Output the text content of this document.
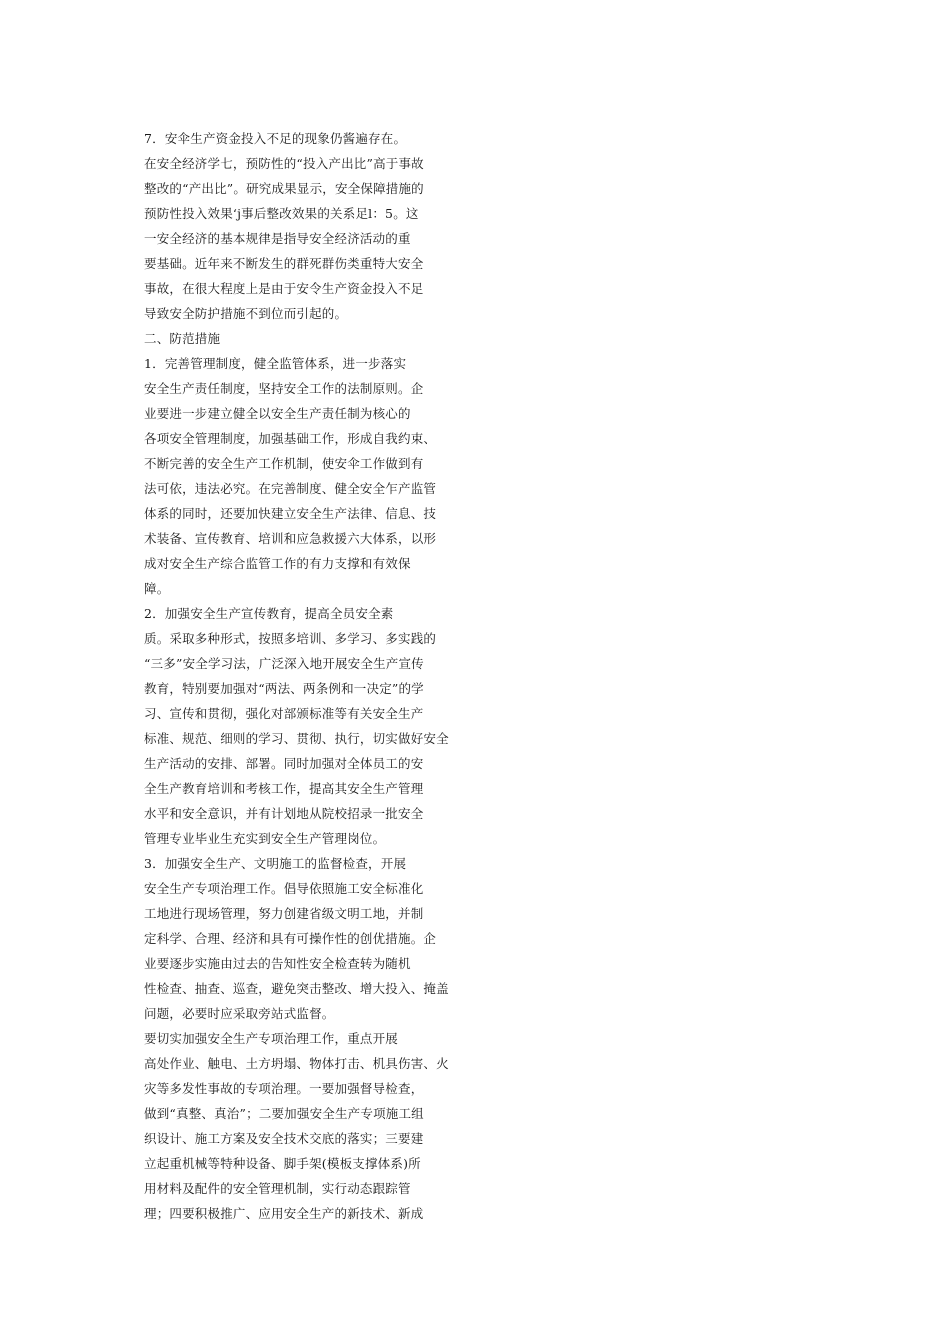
7．安伞生产资金投入不足的现象仍酱遍存在。
在安全经济学七，预防性的“投入产出比”高于事故
整改的“产出比”。研究成果显示，安全保障措施的
预防性投入效果‘j事后整改效果的关系足l：5。这
一安全经济的基本规律是指导安全经济活动的重
要基础。近年来不断发生的群死群伤类重特大安全
事故，在很大程度上是由于安令生产资金投入不足
导致安全防护措施不到位而引起的。
二、防范措施
1．完善管理制度，健全监管体系，进一步落实
安全生产责任制度，坚持安全工作的法制原则。企
业要进一步建立健全以安全生产责任制为核心的
各项安全管理制度，加强基础工作，形成自我约束、
不断完善的安全生产工作机制，使安伞工作做到有
法可依，违法必究。在完善制度、健全安全乍产监管
体系的同时，还要加快建立安全生产法律、信息、技
术装备、宣传教育、培训和应急救援六大体系，以形
成对安全生产综合监管工作的有力支撑和有效保
障。
2．加强安全生产宣传教育，提高全员安全素
质。采取多种形式，按照多培训、多学习、多实践的
“三多”安全学习法，广泛深入地开展安全生产宣传
教育，特别要加强对“两法、两条例和一决定”的学
习、宣传和贯彻，强化对部颁标准等有关安全生产
标准、规范、细则的学习、贯彻、执行，切实做好安全
生产活动的安排、部署。同时加强对全体员工的安
全生产教育培训和考核工作，提高其安全生产管理
水平和安全意识，并有计划地从院校招录一批安全
管理专业毕业生充实到安全生产管理岗位。
3．加强安全生产、文明施工的监督检查，开展
安全生产专项治理工作。倡导依照施工安全标准化
工地进行现场管理，努力创建省级文明工地，并制
定科学、合理、经济和具有可操作性的创优措施。企
业要逐步实施由过去的告知性安全检查转为随机
性检查、抽查、巡查，避免突击整改、增大投入、掩盖
问题，必要时应采取旁站式监督。
要切实加强安全生产专项治理工作，重点开展
高处作业、触电、土方坍塌、物体打击、机具伤害、火
灾等多发性事故的专项治理。一要加强督导检查，
做到“真整、真治”；二要加强安全生产专项施工组
织设计、施工方案及安全技术交底的落实；三要建
立起重机械等特种设备、脚手架(模板支撑体系)所
用材料及配件的安全管理机制，实行动态跟踪管
理；四要积极推广、应用安全生产的新技术、新成
